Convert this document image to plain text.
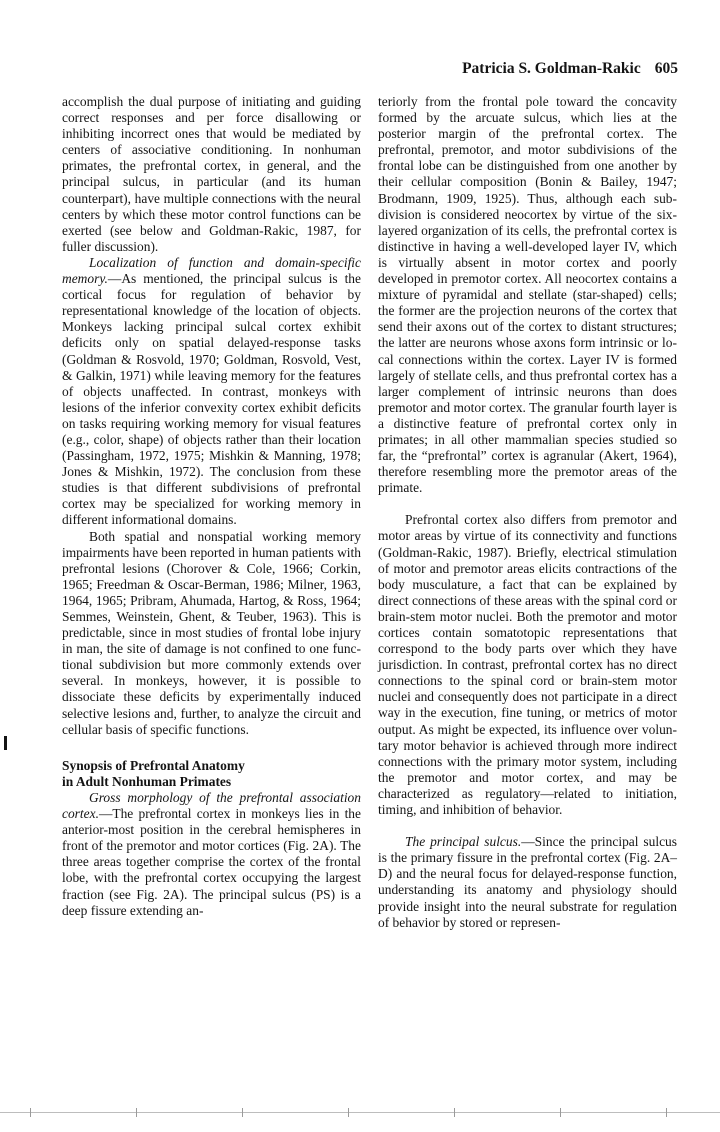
Patricia S. Goldman-Rakic 605

accomplish the dual purpose of initiating and guiding correct responses and per force disallowing or inhibiting incorrect ones that would be mediated by centers of associative conditioning. In nonhuman primates, the prefrontal cortex, in general, and the principal sulcus, in particular (and its human counterpart), have multiple connections with the neural centers by which these motor control functions can be exerted (see below and Goldman-Rakic, 1987, for fuller discussion).

Localization of function and domain-specific memory.—As mentioned, the principal sulcus is the cortical focus for regulation of behavior by representational knowledge of the location of objects. Monkeys lacking principal sulcal cortex exhibit deficits only on spatial delayed-response tasks (Goldman & Rosvold, 1970; Goldman, Rosvold, Vest, & Galkin, 1971) while leaving memory for the features of objects unaffected. In contrast, monkeys with lesions of the inferior convexity cortex exhibit deficits on tasks requiring working memory for visual features (e.g., color, shape) of objects rather than their location (Passingham, 1972, 1975; Mishkin & Manning, 1978; Jones & Mishkin, 1972). The conclusion from these studies is that different subdivisions of prefrontal cortex may be specialized for working memory in different informational domains.

Both spatial and nonspatial working memory impairments have been reported in human patients with prefrontal lesions (Chorover & Cole, 1966; Corkin, 1965; Freedman & Oscar-Berman, 1986; Milner, 1963, 1964, 1965; Pribram, Ahumada, Hartog, & Ross, 1964; Semmes, Weinstein, Ghent, & Teuber, 1963). This is predictable, since in most studies of frontal lobe injury in man, the site of damage is not confined to one functional subdivision but more commonly extends over several. In monkeys, however, it is possible to dissociate these deficits by experimentally induced selective lesions and, further, to analyze the circuit and cellular basis of specific functions.

Synopsis of Prefrontal Anatomy
in Adult Nonhuman Primates

Gross morphology of the prefrontal association cortex.—The prefrontal cortex in monkeys lies in the anterior-most position in the cerebral hemispheres in front of the premotor and motor cortices (Fig. 2A). The three areas together comprise the cortex of the frontal lobe, with the prefrontal cortex occupying the largest fraction (see Fig. 2A). The principal sulcus (PS) is a deep fissure extending an-

teriorly from the frontal pole toward the concavity formed by the arcuate sulcus, which lies at the posterior margin of the prefrontal cortex. The prefrontal, premotor, and motor subdivisions of the frontal lobe can be distinguished from one another by their cellular composition (Bonin & Bailey, 1947; Brodmann, 1909, 1925). Thus, although each subdivision is considered neocortex by virtue of the six-layered organization of its cells, the prefrontal cortex is distinctive in having a well-developed layer IV, which is virtually absent in motor cortex and poorly developed in premotor cortex. All neocortex contains a mixture of pyramidal and stellate (star-shaped) cells; the former are the projection neurons of the cortex that send their axons out of the cortex to distant structures; the latter are neurons whose axons form intrinsic or local connections within the cortex. Layer IV is formed largely of stellate cells, and thus prefrontal cortex has a larger complement of intrinsic neurons than does premotor and motor cortex. The granular fourth layer is a distinctive feature of prefrontal cortex only in primates; in all other mammalian species studied so far, the “prefrontal” cortex is agranular (Akert, 1964), therefore resembling more the premotor areas of the primate.

Prefrontal cortex also differs from premotor and motor areas by virtue of its connectivity and functions (Goldman-Rakic, 1987). Briefly, electrical stimulation of motor and premotor areas elicits contractions of the body musculature, a fact that can be explained by direct connections of these areas with the spinal cord or brain-stem motor nuclei. Both the premotor and motor cortices contain somatotopic representations that correspond to the body parts over which they have jurisdiction. In contrast, prefrontal cortex has no direct connections to the spinal cord or brain-stem motor nuclei and consequently does not participate in a direct way in the execution, fine tuning, or metrics of motor output. As might be expected, its influence over voluntary motor behavior is achieved through more indirect connections with the primary motor system, including the premotor and motor cortex, and may be characterized as regulatory—related to initiation, timing, and inhibition of behavior.

The principal sulcus.—Since the principal sulcus is the primary fissure in the prefrontal cortex (Fig. 2A–D) and the neural focus for delayed-response function, understanding its anatomy and physiology should provide insight into the neural substrate for regulation of behavior by stored or represen-
